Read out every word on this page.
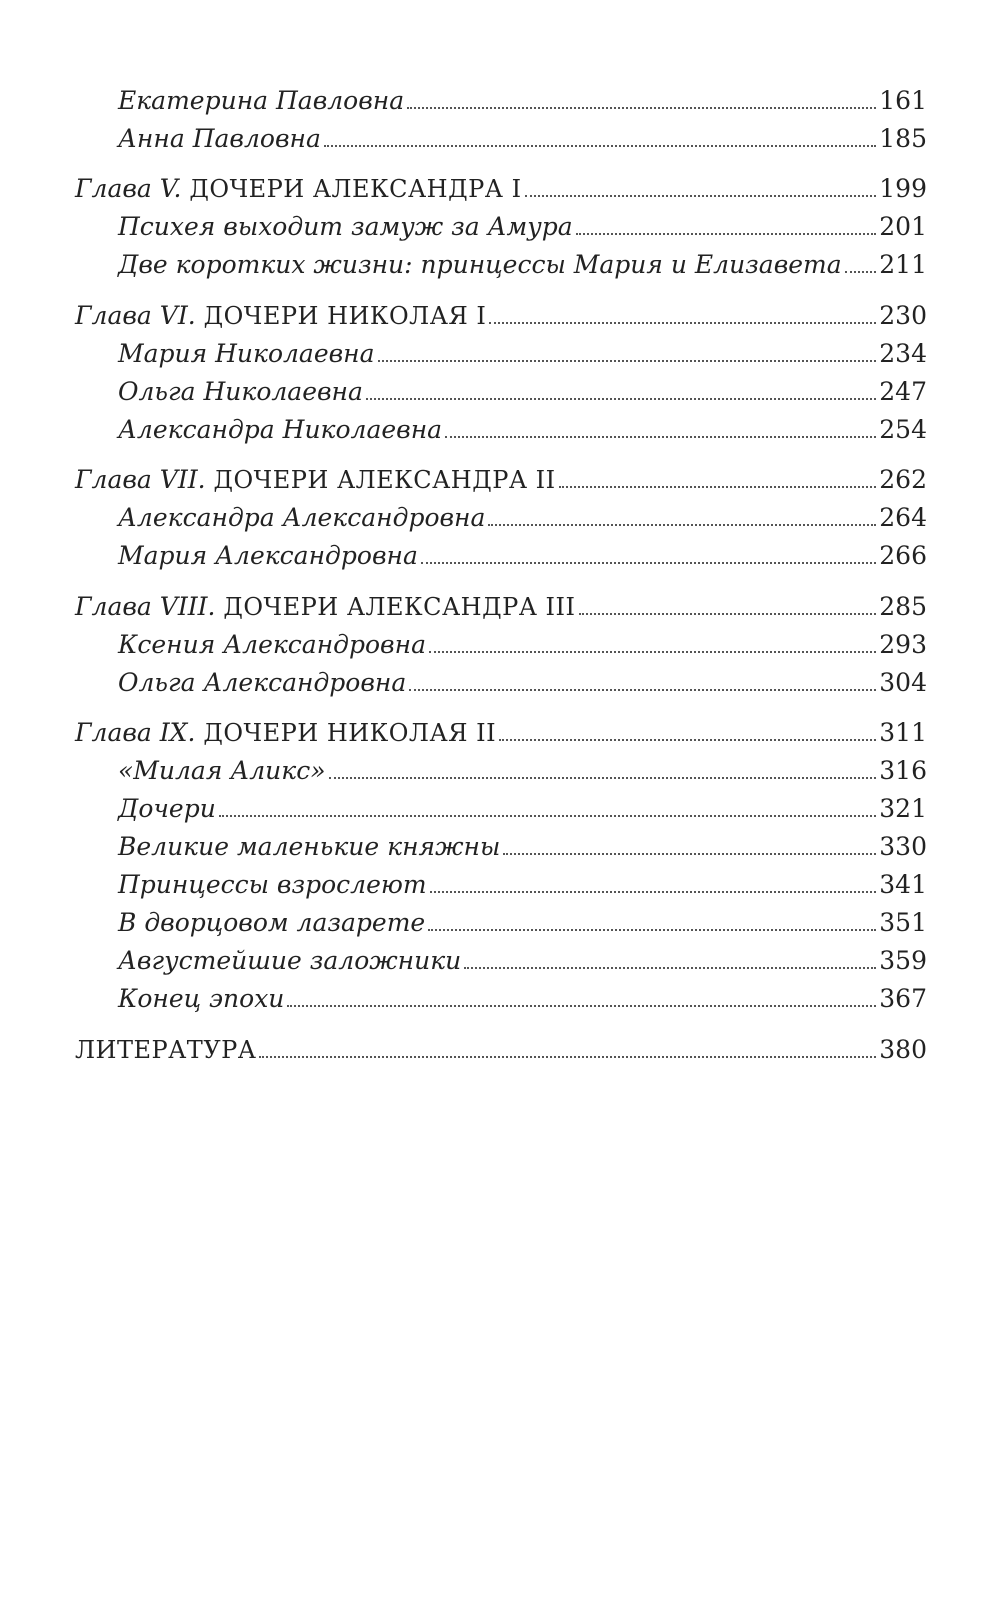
Екатерина Павловна	161
Анна Павловна	185
Глава V. ДОЧЕРИ АЛЕКСАНДРА I	199
Психея выходит замуж за Амура	201
Две коротких жизни: принцессы Мария и Елизавета 211
Глава VI. ДОЧЕРИ НИКОЛАЯ I	230
Мария Николаевна	234
Ольга Николаевна	247
Александра Николаевна	254
Глава VII. ДОЧЕРИ АЛЕКСАНДРА II	262
Александра Александровна	264
Мария Александровна	266
Глава VIII. ДОЧЕРИ АЛЕКСАНДРА III	285
Ксения Александровна	293
Ольга Александровна	304
Глава IX. ДОЧЕРИ НИКОЛАЯ II	311
«Милая Аликс»	316
Дочери	321
Великие маленькие княжны	330
Принцессы взрослеют	341
В дворцовом лазарете	351
Августейшие заложники	359
Конец эпохи	367
ЛИТЕРАТУРА	380
